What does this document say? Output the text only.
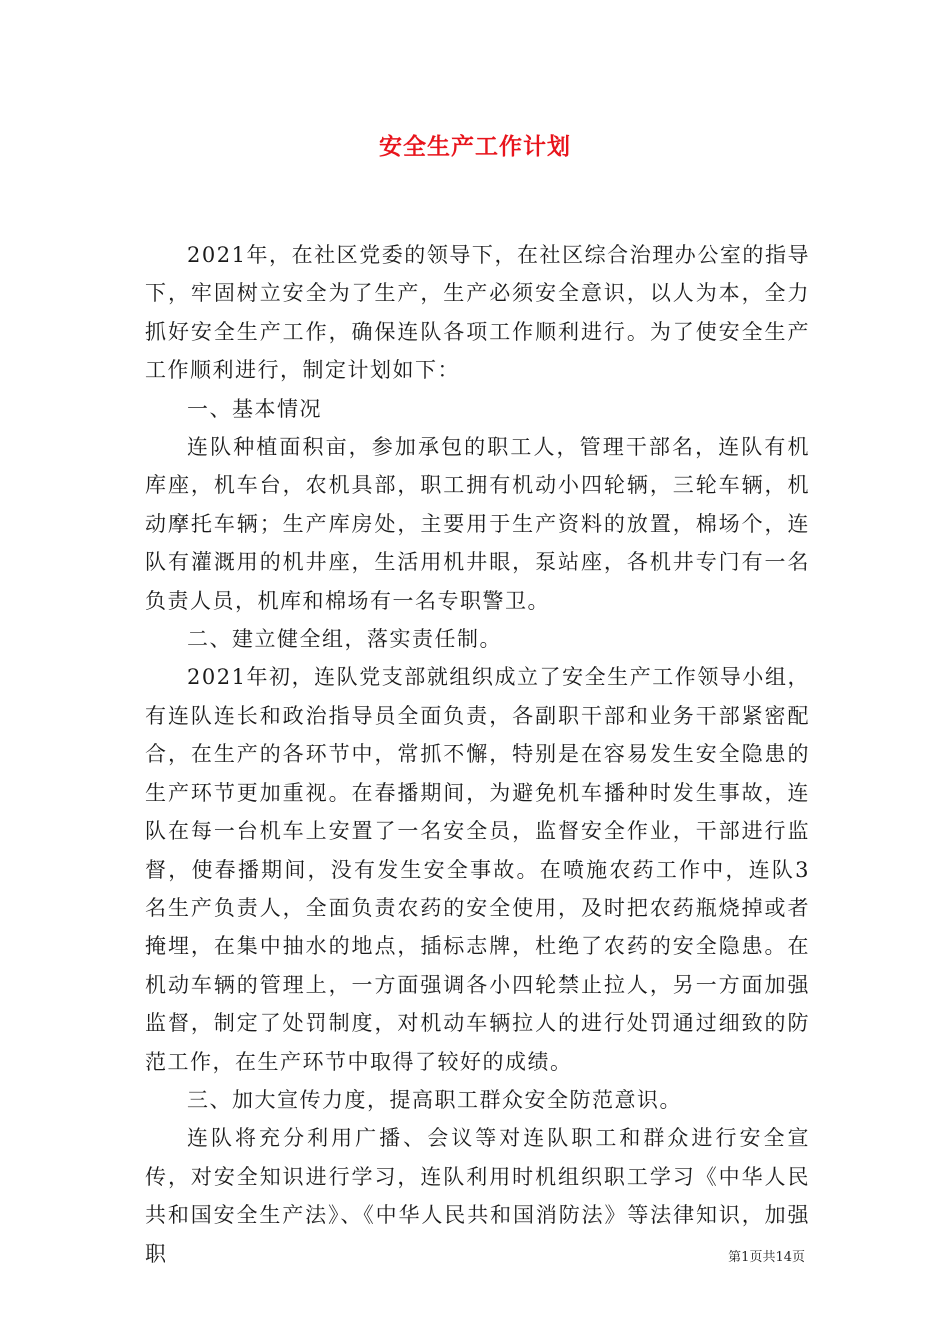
安全生产工作计划

2021年，在社区党委的领导下，在社区综合治理办公室的指导下，牢固树立安全为了生产，生产必须安全意识，以人为本，全力抓好安全生产工作，确保连队各项工作顺利进行。为了使安全生产工作顺利进行，制定计划如下：

一、基本情况

连队种植面积亩，参加承包的职工人，管理干部名，连队有机库座，机车台，农机具部，职工拥有机动小四轮辆，三轮车辆，机动摩托车辆；生产库房处，主要用于生产资料的放置，棉场个，连队有灌溉用的机井座，生活用机井眼，泵站座，各机井专门有一名负责人员，机库和棉场有一名专职警卫。

二、建立健全组，落实责任制。

2021年初，连队党支部就组织成立了安全生产工作领导小组，有连队连长和政治指导员全面负责，各副职干部和业务干部紧密配合，在生产的各环节中，常抓不懈，特别是在容易发生安全隐患的生产环节更加重视。在春播期间，为避免机车播种时发生事故，连队在每一台机车上安置了一名安全员，监督安全作业，干部进行监督，使春播期间，没有发生安全事故。在喷施农药工作中，连队3名生产负责人，全面负责农药的安全使用，及时把农药瓶烧掉或者掩埋，在集中抽水的地点，插标志牌，杜绝了农药的安全隐患。在机动车辆的管理上，一方面强调各小四轮禁止拉人，另一方面加强监督，制定了处罚制度，对机动车辆拉人的进行处罚通过细致的防范工作，在生产环节中取得了较好的成绩。

三、加大宣传力度，提高职工群众安全防范意识。

连队将充分利用广播、会议等对连队职工和群众进行安全宣传，对安全知识进行学习，连队利用时机组织职工学习《中华人民共和国安全生产法》、《中华人民共和国消防法》等法律知识，加强职	第1页共14页
